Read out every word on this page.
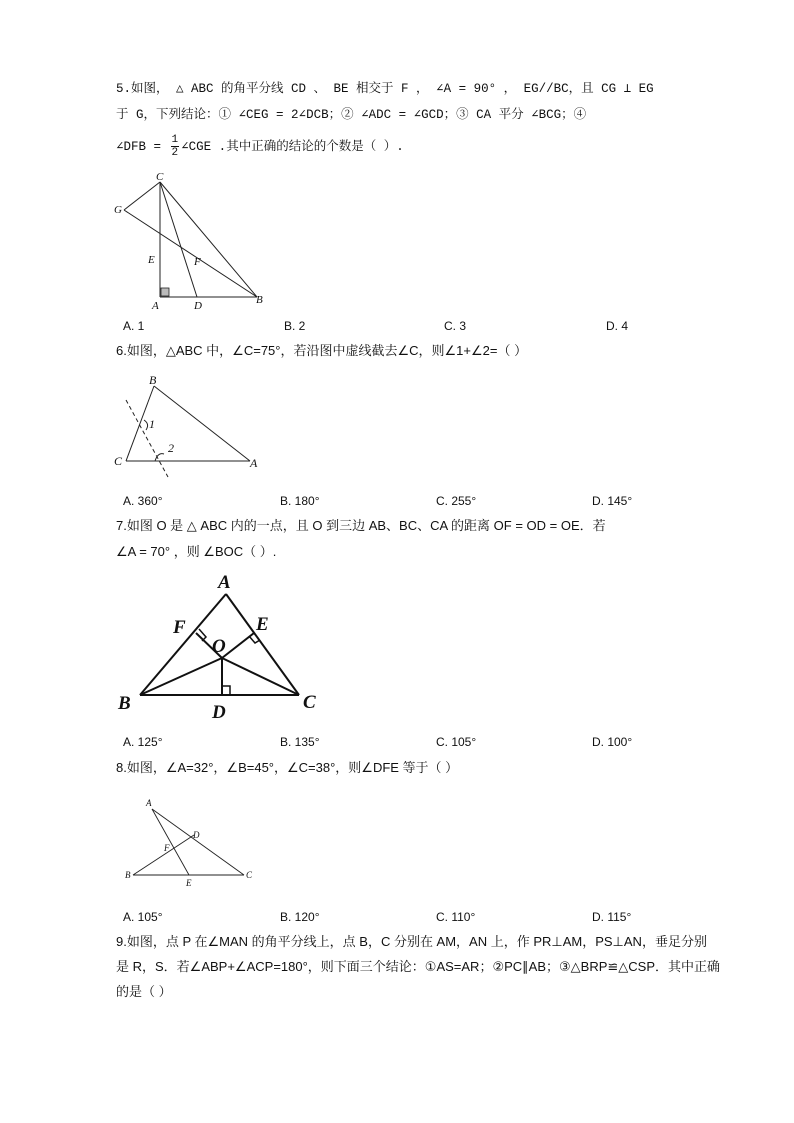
5.如图， △ ABC 的角平分线 CD 、 BE 相交于 F ， ∠A = 90° ， EG//BC，且 CG ⊥ EG
于 G，下列结论：① ∠CEG = 2∠DCB；② ∠ADC = ∠GCD；③ CA 平分 ∠BCG；④
∠DFB = $\frac{1}{2}$ ∠CGE .其中正确的结论的个数是（ ）.
C
G
E	F
A	D	B
A. 1	B. 2	C. 3	D. 4
6.如图，△ABC 中，∠C=75°，若沿图中虚线截去∠C，则∠1+∠2=（ ）
B
C	A
1
2
A. 360°	B. 180°	C. 255°	D. 145°
7.如图 O 是 △ ABC 内的一点，且 O 到三边 AB、BC、CA 的距离 OF = OD = OE．若
∠A = 70° ，则 ∠BOC（ ）.
A
F	E
O
B	C
D
A. 125°	B. 135°	C. 105°	D. 100°
8.如图，∠A=32°，∠B=45°，∠C=38°，则∠DFE 等于（ ）
A
D
F
B
E
C
A. 105°	B. 120°	C. 110°	D. 115°
9.如图，点 P 在∠MAN 的角平分线上，点 B，C 分别在 AM，AN 上，作 PR⊥AM，PS⊥AN，垂足分别
是 R，S．若∠ABP+∠ACP=180°，则下面三个结论：①AS=AR；②PC∥AB；③△BRP≌△CSP．其中正确
的是（ ）
